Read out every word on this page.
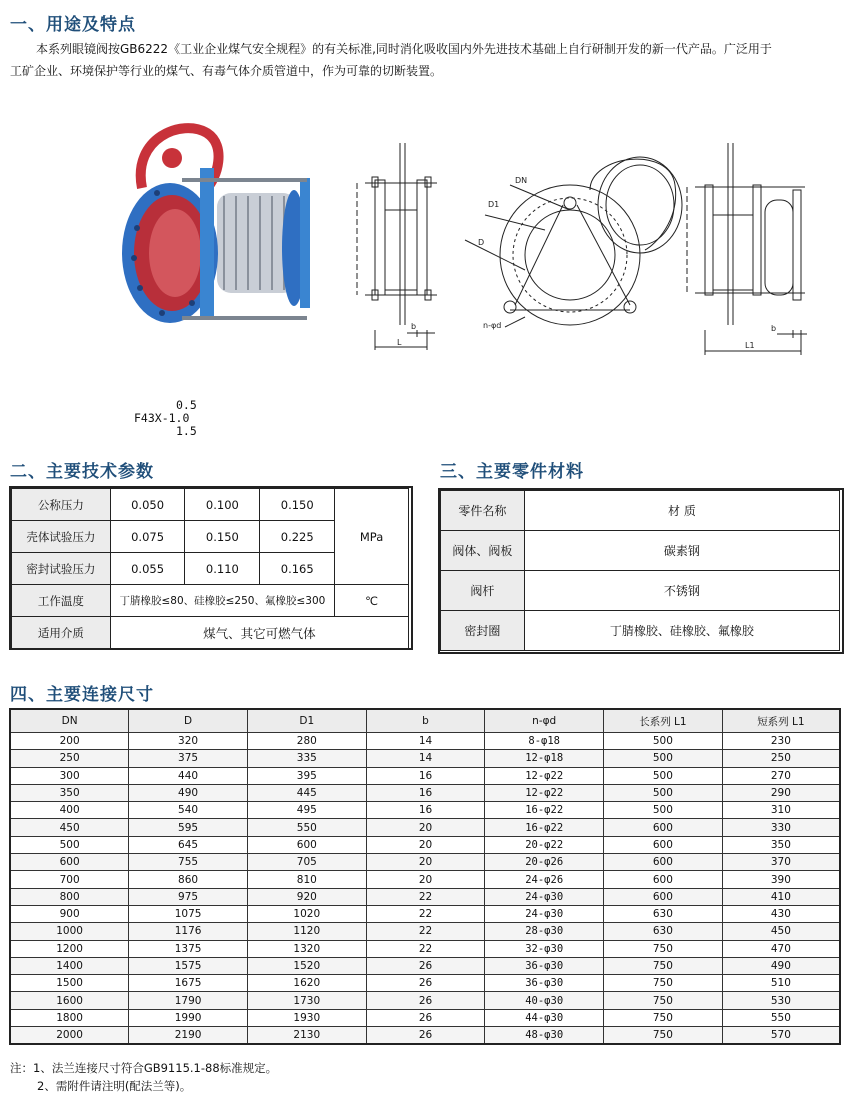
一、用途及特点
本系列眼镜阀按GB6222《工业企业煤气安全规程》的有关标准,同时消化吸收国内外先进技术基础上自行研制开发的新一代产品。广泛用于
工矿企业、环境保护等行业的煤气、有毒气体介质管道中，作为可靠的切断装置。
DN
D1
D
n-φd
b
L
b
L1
0.5
F43X-1.0
1.5
二、主要技术参数
公称压力	0.050	0.100	0.150	MPa
壳体试验压力	0.075	0.150	0.225	
密封试验压力	0.055	0.110	0.165	
工作温度	丁腈橡胶≤80、硅橡胶≤250、氟橡胶≤300			℃
适用介质	煤气、其它可燃气体			
三、主要零件材料
零件名称	材 质
阀体、阀板	碳素钢
阀杆	不锈钢
密封圈	丁腈橡胶、硅橡胶、氟橡胶
四、主要连接尺寸
DN	D	D1	b	n-φd	长系列 L1	短系列 L1
200	320	280	14	8-φ18	500	230
250	375	335	14	12-φ18	500	250
300	440	395	16	12-φ22	500	270
350	490	445	16	12-φ22	500	290
400	540	495	16	16-φ22	500	310
450	595	550	20	16-φ22	600	330
500	645	600	20	20-φ22	600	350
600	755	705	20	20-φ26	600	370
700	860	810	20	24-φ26	600	390
800	975	920	22	24-φ30	600	410
900	1075	1020	22	24-φ30	630	430
1000	1176	1120	22	28-φ30	630	450
1200	1375	1320	22	32-φ30	750	470
1400	1575	1520	26	36-φ30	750	490
1500	1675	1620	26	36-φ30	750	510
1600	1790	1730	26	40-φ30	750	530
1800	1990	1930	26	44-φ30	750	550
2000	2190	2130	26	48-φ30	750	570
注：1、法兰连接尺寸符合GB9115.1-88标准规定。
2、需附件请注明(配法兰等)。
